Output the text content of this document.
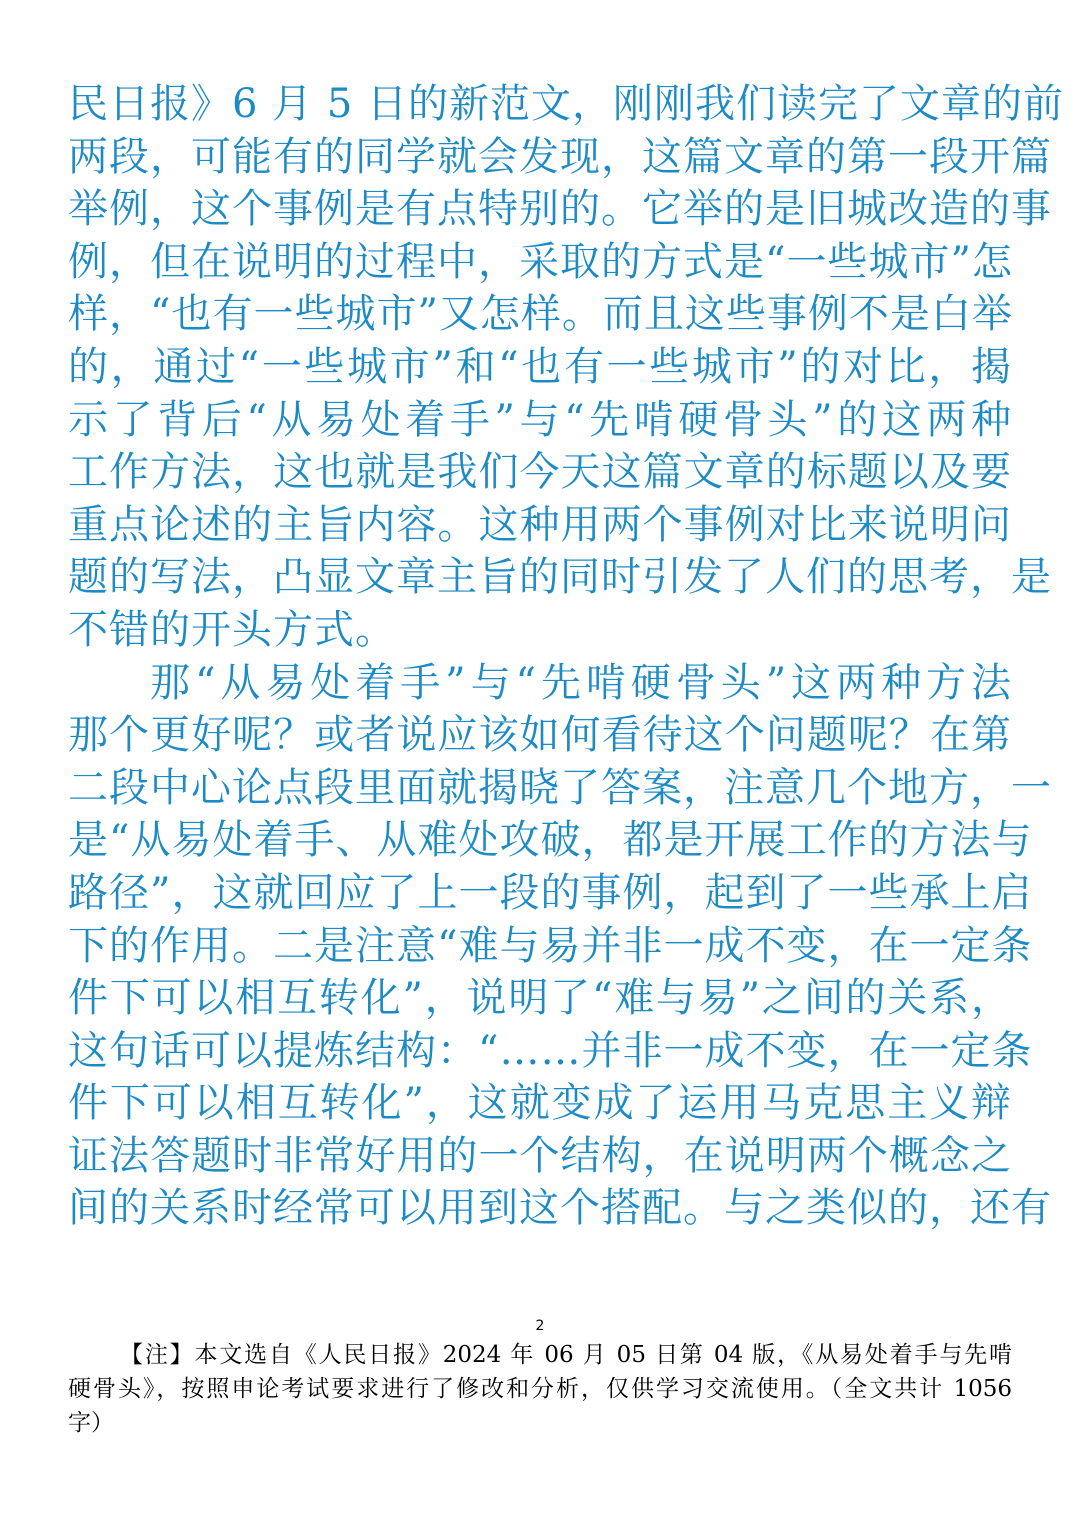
民日报》6 月 5 日的新范文，刚刚我们读完了文章的前
两段，可能有的同学就会发现，这篇文章的第一段开篇
举例，这个事例是有点特别的。它举的是旧城改造的事
例，但在说明的过程中，采取的方式是“一些城市”怎
样，“也有一些城市”又怎样。而且这些事例不是白举
的，通过“一些城市”和“也有一些城市”的对比，揭
示了背后“从易处着手”与“先啃硬骨头”的这两种
工作方法，这也就是我们今天这篇文章的标题以及要
重点论述的主旨内容。这种用两个事例对比来说明问
题的写法，凸显文章主旨的同时引发了人们的思考，是
不错的开头方式。
那“从易处着手”与“先啃硬骨头”这两种方法
那个更好呢？或者说应该如何看待这个问题呢？在第
二段中心论点段里面就揭晓了答案，注意几个地方，一
是“从易处着手、从难处攻破，都是开展工作的方法与
路径”，这就回应了上一段的事例，起到了一些承上启
下的作用。二是注意“难与易并非一成不变，在一定条
件下可以相互转化”，说明了“难与易”之间的关系，
这句话可以提炼结构：“……并非一成不变，在一定条
件下可以相互转化”，这就变成了运用马克思主义辩
证法答题时非常好用的一个结构，在说明两个概念之
间的关系时经常可以用到这个搭配。与之类似的，还有
2
【注】本文选自《人民日报》2024 年 06 月 05 日第 04 版，《从易处着手与先啃
硬骨头》，按照申论考试要求进行了修改和分析，仅供学习交流使用。（全文共计 1056
字）
